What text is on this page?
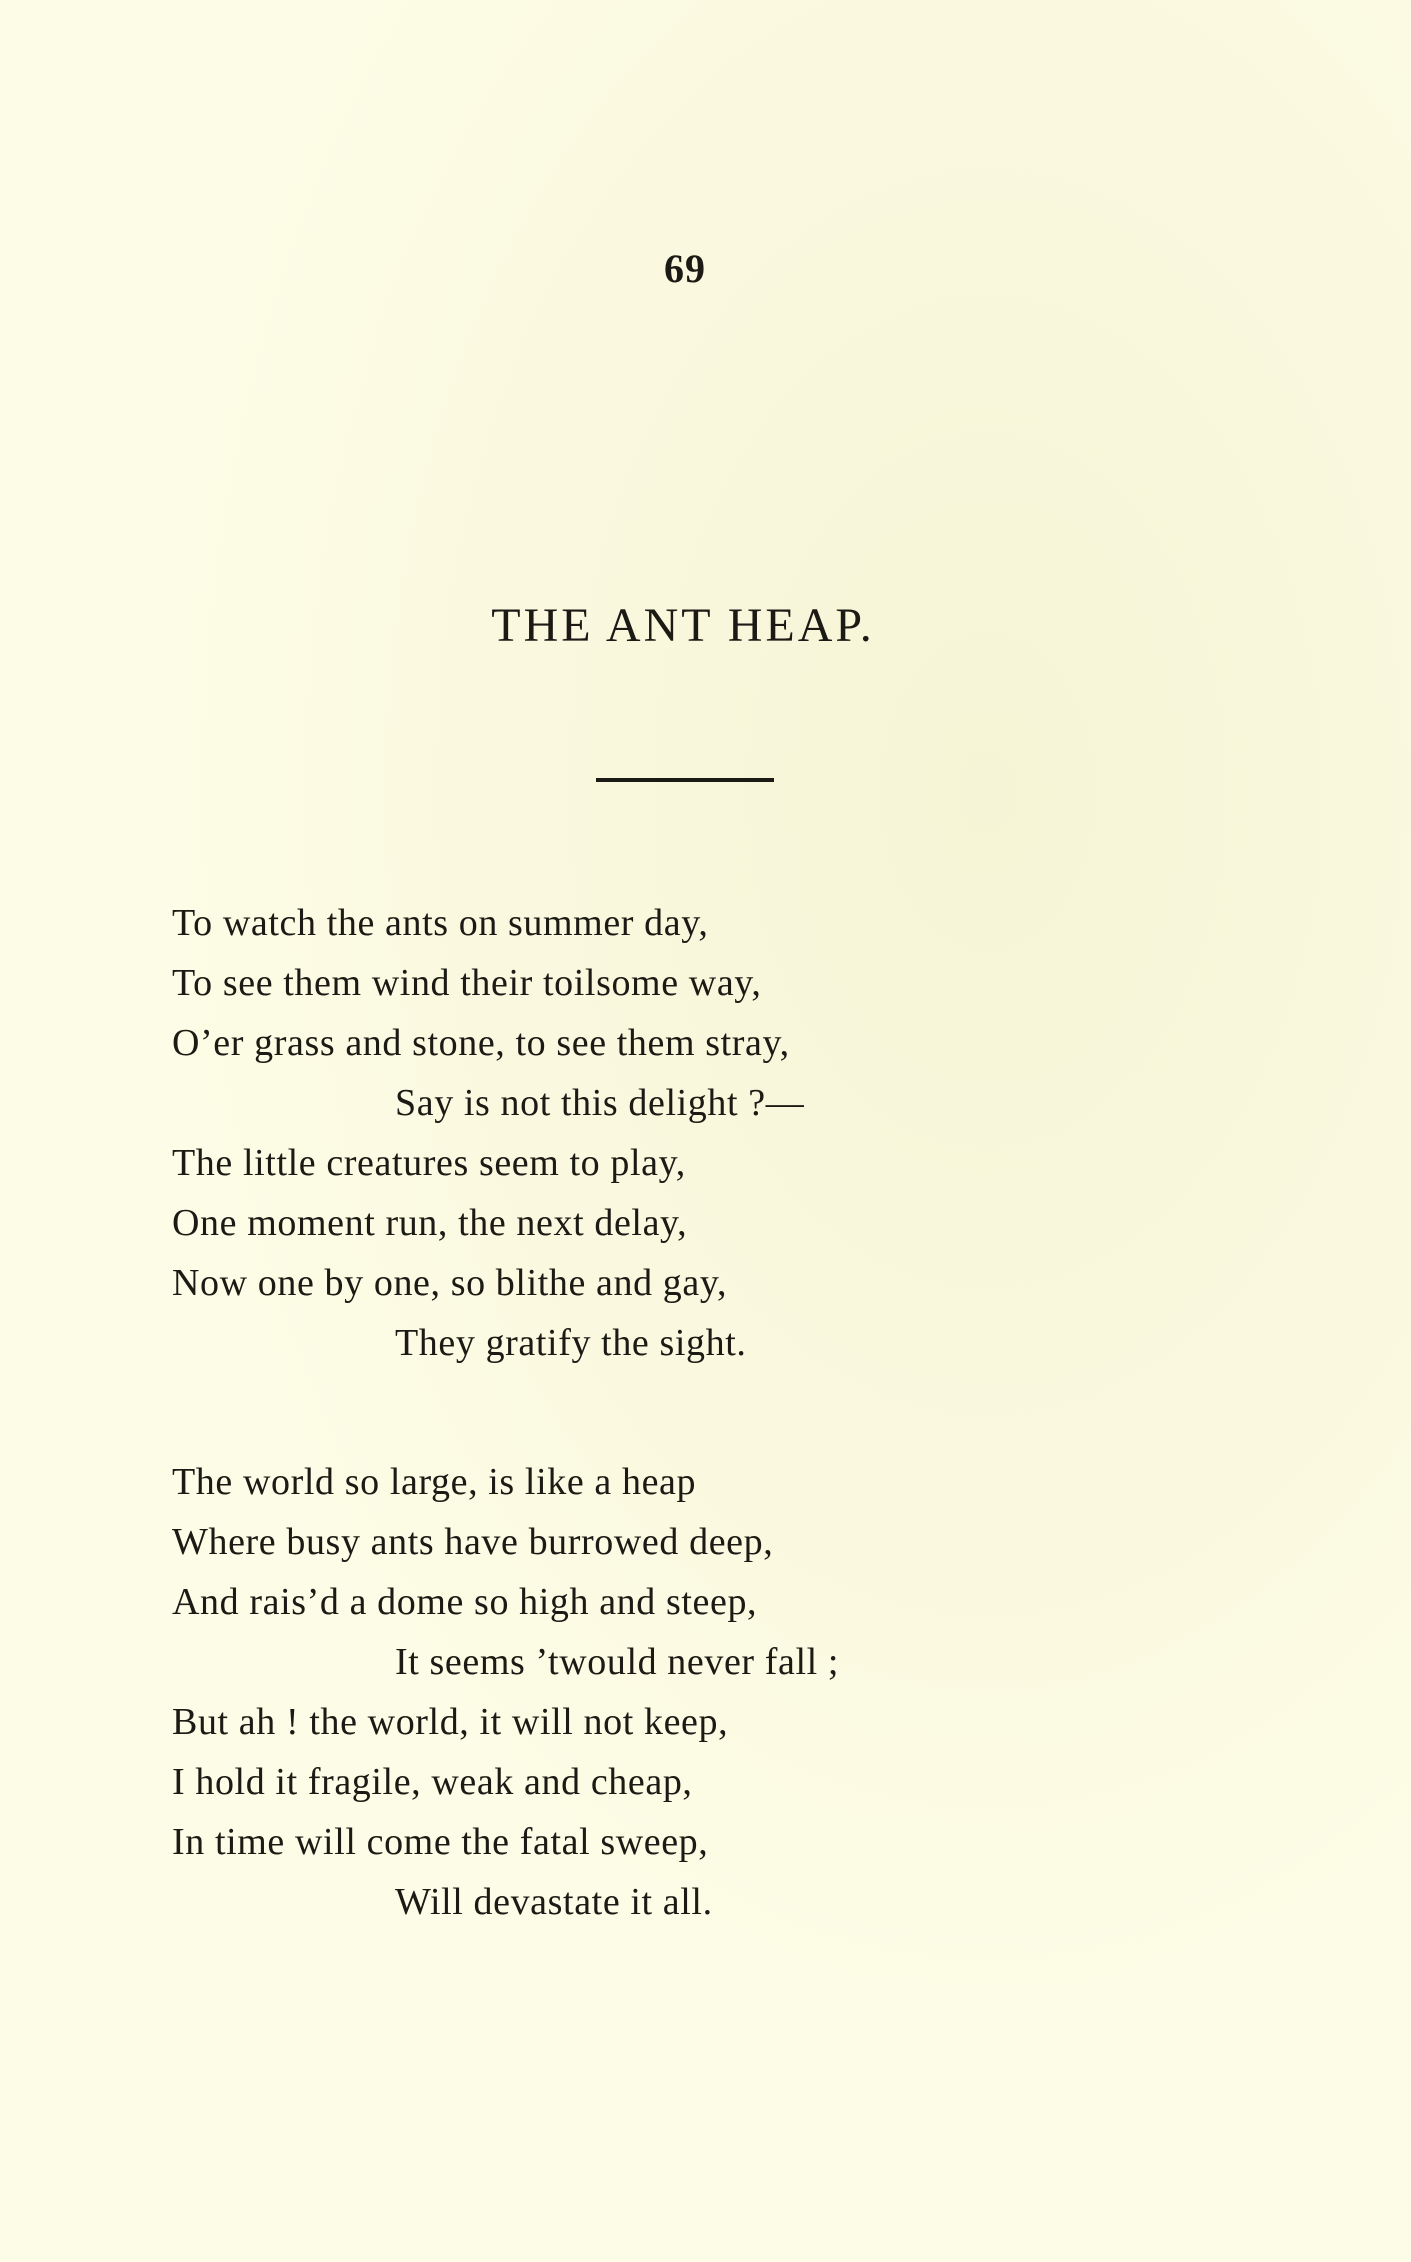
69
THE ANT HEAP.
To watch the ants on summer day,
To see them wind their toilsome way,
O’er grass and stone, to see them stray,
Say is not this delight ?—
The little creatures seem to play,
One moment run, the next delay,
Now one by one, so blithe and gay,
They gratify the sight.
The world so large, is like a heap
Where busy ants have burrowed deep,
And rais’d a dome so high and steep,
It seems ’twould never fall ;
But ah ! the world, it will not keep,
I hold it fragile, weak and cheap,
In time will come the fatal sweep,
Will devastate it all.
